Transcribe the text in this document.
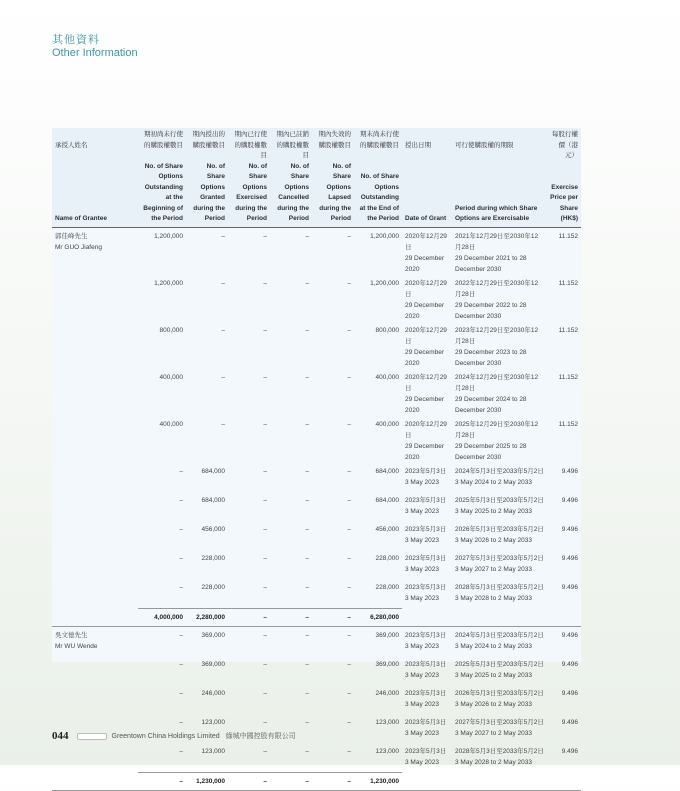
其他資料
Other Information
承授人姓名	期初尚未行使的購股權數目	期內授出的購股權數目	期內已行使的購股權數目	期內已註銷的購股權數目	期內失效的購股權數目	期末尚未行使的購股權數目	授出日期	可行使購股權的期限	每股行權價（港元）
Name of Grantee	No. of Share Options Outstanding at the Beginning of the Period	No. of Share Options Granted during the Period	No. of Share Options Exercised during the Period	No. of Share Options Cancelled during the Period	No. of Share Options Lapsed during the Period	No. of Share Options Outstanding at the End of the Period	Date of Grant	Period during which Share Options are Exercisable	Exercise Price per Share (HK$)

郭佳峰先生
Mr GUO Jiafeng	1,200,000	–	–	–	–	1,200,000	2020年12月29日
29 December 2020	2021年12月29日至2030年12月28日
29 December 2021 to 28 December 2030	11.152
	1,200,000	–	–	–	–	1,200,000	2020年12月29日
29 December 2020	2022年12月29日至2030年12月28日
29 December 2022 to 28 December 2030	11.152
	800,000	–	–	–	–	800,000	2020年12月29日
29 December 2020	2023年12月29日至2030年12月28日
29 December 2023 to 28 December 2030	11.152
	400,000	–	–	–	–	400,000	2020年12月29日
29 December 2020	2024年12月29日至2030年12月28日
29 December 2024 to 28 December 2030	11.152
	400,000	–	–	–	–	400,000	2020年12月29日
29 December 2020	2025年12月29日至2030年12月28日
29 December 2025 to 28 December 2030	11.152
	–	684,000	–	–	–	684,000	2023年5月3日
3 May 2023	2024年5月3日至2033年5月2日
3 May 2024 to 2 May 2033	9.496
	–	684,000	–	–	–	684,000	2023年5月3日
3 May 2023	2025年5月3日至2033年5月2日
3 May 2025 to 2 May 2033	9.496
	–	456,000	–	–	–	456,000	2023年5月3日
3 May 2023	2026年5月3日至2033年5月2日
3 May 2026 to 2 May 2033	9.496
	–	228,000	–	–	–	228,000	2023年5月3日
3 May 2023	2027年5月3日至2033年5月2日
3 May 2027 to 2 May 2033	9.496
	–	228,000	–	–	–	228,000	2023年5月3日
3 May 2023	2028年5月3日至2033年5月2日
3 May 2028 to 2 May 2033	9.496
	4,000,000	2,280,000	–	–	–	6,280,000			

吳文德先生
Mr WU Wende	–	369,000	–	–	–	369,000	2023年5月3日
3 May 2023	2024年5月3日至2033年5月2日
3 May 2024 to 2 May 2033	9.496
	–	369,000	–	–	–	369,000	2023年5月3日
3 May 2023	2025年5月3日至2033年5月2日
3 May 2025 to 2 May 2033	9.496
	–	246,000	–	–	–	246,000	2023年5月3日
3 May 2023	2026年5月3日至2033年5月2日
3 May 2026 to 2 May 2033	9.496
	–	123,000	–	–	–	123,000	2023年5月3日
3 May 2023	2027年5月3日至2033年5月2日
3 May 2027 to 2 May 2033	9.496
	–	123,000	–	–	–	123,000	2023年5月3日
3 May 2023	2028年5月3日至2033年5月2日
3 May 2028 to 2 May 2033	9.496
	–	1,230,000	–	–	–	1,230,000			
044	Greentown China Holdings Limited 綠城中國控股有限公司
